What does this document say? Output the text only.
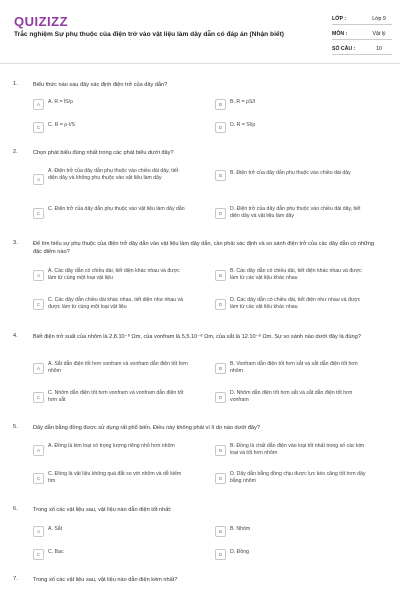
QUIZIZZ
Trắc nghiệm Sự phụ thuộc của điện trở vào vật liệu làm dây dẫn có đáp án (Nhận biết)
LỚP :	Lớp 9
MÔN :	Vật lý
SỐ CÂU :	10
1.	Biểu thức nào sau đây xác định điện trở của dây dẫn?
A	A. R = lS/ρ	B	B. R = ρS/l
C	C. R = ρ·l/S	D	D. R = Sl/ρ
2.	Chọn phát biểu đúng nhất trong các phát biểu dưới đây?
A
A. Điện trở của dây dẫn phụ thuộc vào chiều dài dây, tiết diện dây và không phụ thuộc vào vật liệu làm dây	B	B. Điện trở của dây dẫn phụ thuộc vào chiều dài dây
C
C. Điện trở của dây dẫn phụ thuộc vào vật liệu làm dây dẫn
D
D. Điện trở của dây dẫn phụ thuộc vào chiều dài dây, tiết diện dây và vật liệu làm dây
3.	Để tìm hiểu sự phụ thuộc của điện trở dây dẫn vào vật liệu làm dây dẫn, cần phải xác định và so sánh điện trở của các dây dẫn có những đặc điểm nào?
A
A. Các dây dẫn có chiều dài, tiết diện khác nhau và được làm từ cùng một loại vật liệu	B
B. Các dây dẫn có chiều dài, tiết diện khác nhau và được làm từ các vật liệu khác nhau
C
C. Các dây dẫn chiều dài khác nhau, tiết diện như nhau và được làm từ cùng một loại vật liệu	D
D. Các dây dẫn có chiều dài, tiết diện như nhau và được làm từ các vật liệu khác nhau
4.	Biết điện trở suất của nhôm là 2,8.10⁻⁸ Ωm, của vonfram là 5,5.10⁻⁸ Ωm, của sắt là 12.10⁻⁸ Ωm. Sự so sánh nào dưới đây là đúng?
A
A. Sắt dẫn điện tốt hơn vonfram và vonfram dẫn điện tốt hơn nhôm	B
B. Vonfram dẫn điện tốt hơn sắt và sắt dẫn điện tốt hơn nhôm
C
C. Nhôm dẫn điện tốt hơn vonfram và vonfram dẫn điện tốt hơn sắt	D
D. Nhôm dẫn điện tốt hơn sắt và sắt dẫn điện tốt hơn vonfram
5.	Dây dẫn bằng đồng được sử dụng rất phổ biến. Điều này không phải vì lí do nào dưới đây?
A
A. Đồng là kim loại có trọng lượng riêng nhỏ hơn nhôm
B
B. Đồng là chất dẫn điện vào loại tốt nhất trong số các kim loại và tốt hơn nhôm
C
C. Đồng là vật liệu không quá đắt so với nhôm và dễ kiếm tìm	D
D. Dây dẫn bằng đồng chịu được lực kéo căng tốt hơn dây bằng nhôm
6.	Trong số các vật liệu sau, vật liệu nào dẫn điện tốt nhất:
A	A. Sắt	B	B. Nhôm
C	C. Bạc	D	D. Đồng
7.	Trong số các vật liệu sau, vật liệu nào dẫn điện kém nhất?
